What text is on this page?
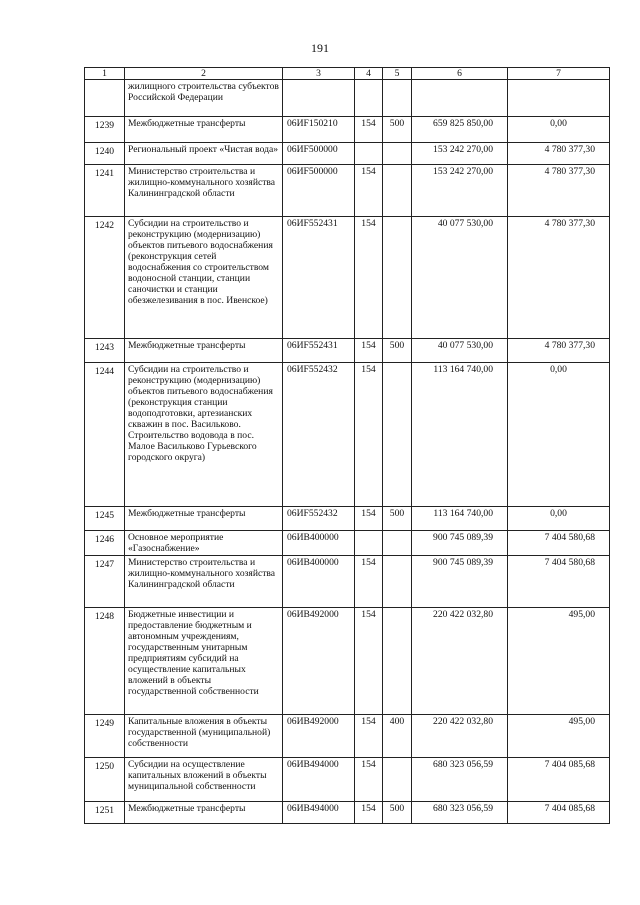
191
1	2	3	4	5	6	7
	жилищного строительства субъектов Российской Федерации					
1239	Межбюджетные трансферты	06ИF150210	154	500	659 825 850,00	0,00
1240	Региональный проект «Чистая вода»	06ИF500000			153 242 270,00	4 780 377,30
1241	Министерство строительства и жилищно-коммунального хозяйства Калининградской области	06ИF500000	154		153 242 270,00	4 780 377,30
1242	Субсидии на строительство и реконструкцию (модернизацию) объектов питьевого водоснабжения (реконструкция сетей водоснабжения со строительством водоносной станции, станции саночистки и станции обезжелезивания в пос. Ивенское)	06ИF552431	154		40 077 530,00	4 780 377,30
1243	Межбюджетные трансферты	06ИF552431	154	500	40 077 530,00	4 780 377,30
1244	Субсидии на строительство и реконструкцию (модернизацию) объектов питьевого водоснабжения (реконструкция станции водоподготовки, артезианских скважин в пос. Васильково. Строительство водовода в пос. Малое Васильково Гурьевского городского округа)	06ИF552432	154		113 164 740,00	0,00
1245	Межбюджетные трансферты	06ИF552432	154	500	113 164 740,00	0,00
1246	Основное мероприятие «Газоснабжение»	06ИВ400000			900 745 089,39	7 404 580,68
1247	Министерство строительства и жилищно-коммунального хозяйства Калининградской области	06ИВ400000	154		900 745 089,39	7 404 580,68
1248	Бюджетные инвестиции и предоставление бюджетным и автономным учреждениям, государственным унитарным предприятиям субсидий на осуществление капитальных вложений в объекты государственной собственности	06ИВ492000	154		220 422 032,80	495,00
1249	Капитальные вложения в объекты государственной (муниципальной) собственности	06ИВ492000	154	400	220 422 032,80	495,00
1250	Субсидии на осуществление капитальных вложений в объекты муниципальной собственности	06ИВ494000	154		680 323 056,59	7 404 085,68
1251	Межбюджетные трансферты	06ИВ494000	154	500	680 323 056,59	7 404 085,68
